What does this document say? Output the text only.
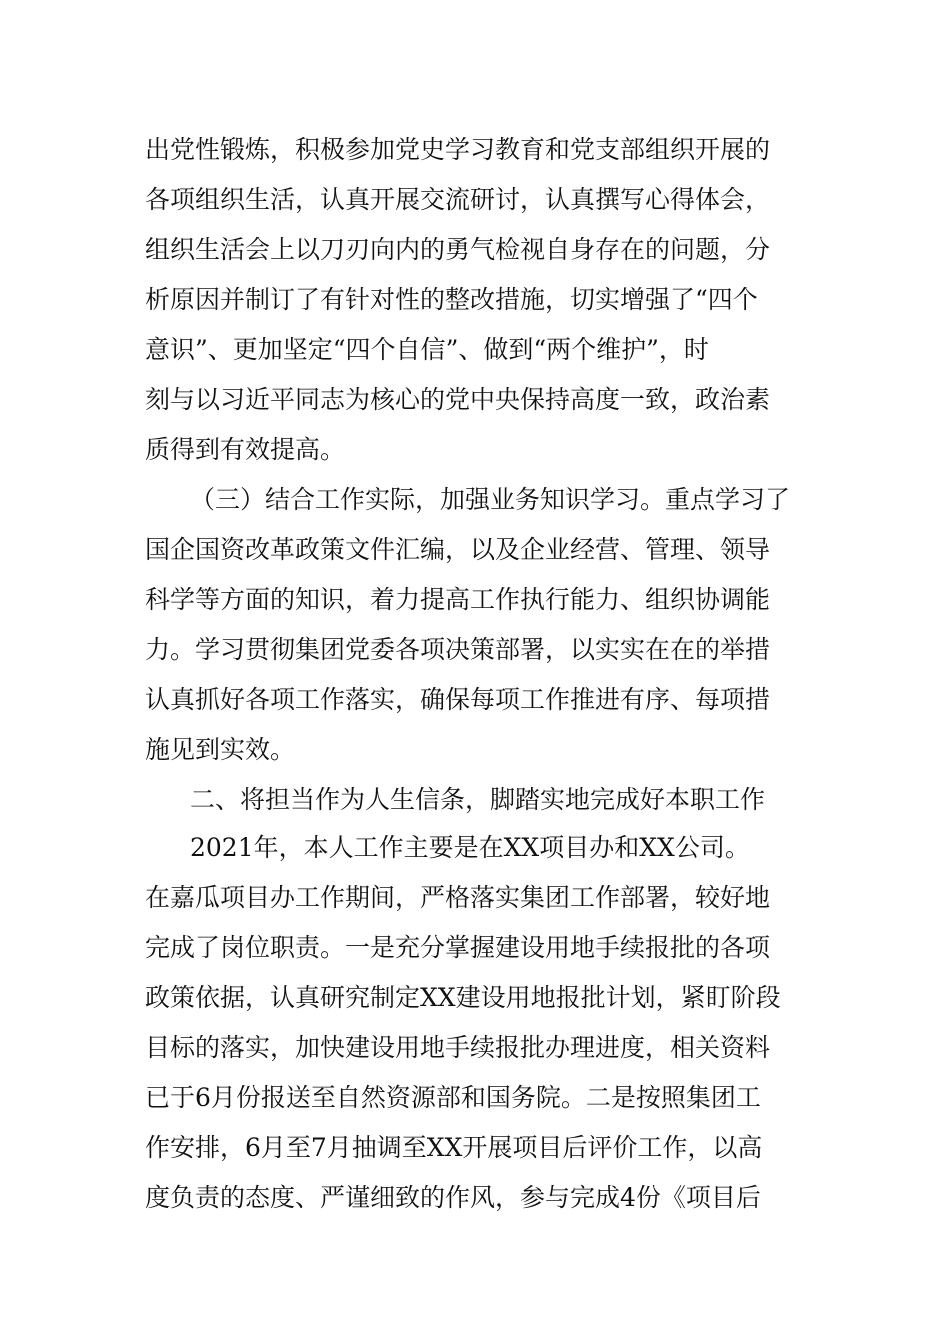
出党性锻炼，积极参加党史学习教育和党支部组织开展的
各项组织生活，认真开展交流研讨，认真撰写心得体会，
组织生活会上以刀刃向内的勇气检视自身存在的问题，分
析原因并制订了有针对性的整改措施，切实增强了“四个
意识”、更加坚定“四个自信”、做到“两个维护”，时
刻与以习近平同志为核心的党中央保持高度一致，政治素
质得到有效提高。
（三）结合工作实际，加强业务知识学习。重点学习了
国企国资改革政策文件汇编，以及企业经营、管理、领导
科学等方面的知识，着力提高工作执行能力、组织协调能
力。学习贯彻集团党委各项决策部署，以实实在在的举措
认真抓好各项工作落实，确保每项工作推进有序、每项措
施见到实效。
二、将担当作为人生信条，脚踏实地完成好本职工作
2021年，本人工作主要是在XX项目办和XX公司。
在嘉瓜项目办工作期间，严格落实集团工作部署，较好地
完成了岗位职责。一是充分掌握建设用地手续报批的各项
政策依据，认真研究制定XX建设用地报批计划，紧盯阶段
目标的落实，加快建设用地手续报批办理进度，相关资料
已于6月份报送至自然资源部和国务院。二是按照集团工
作安排，6月至7月抽调至XX开展项目后评价工作，以高
度负责的态度、严谨细致的作风，参与完成4份《项目后
